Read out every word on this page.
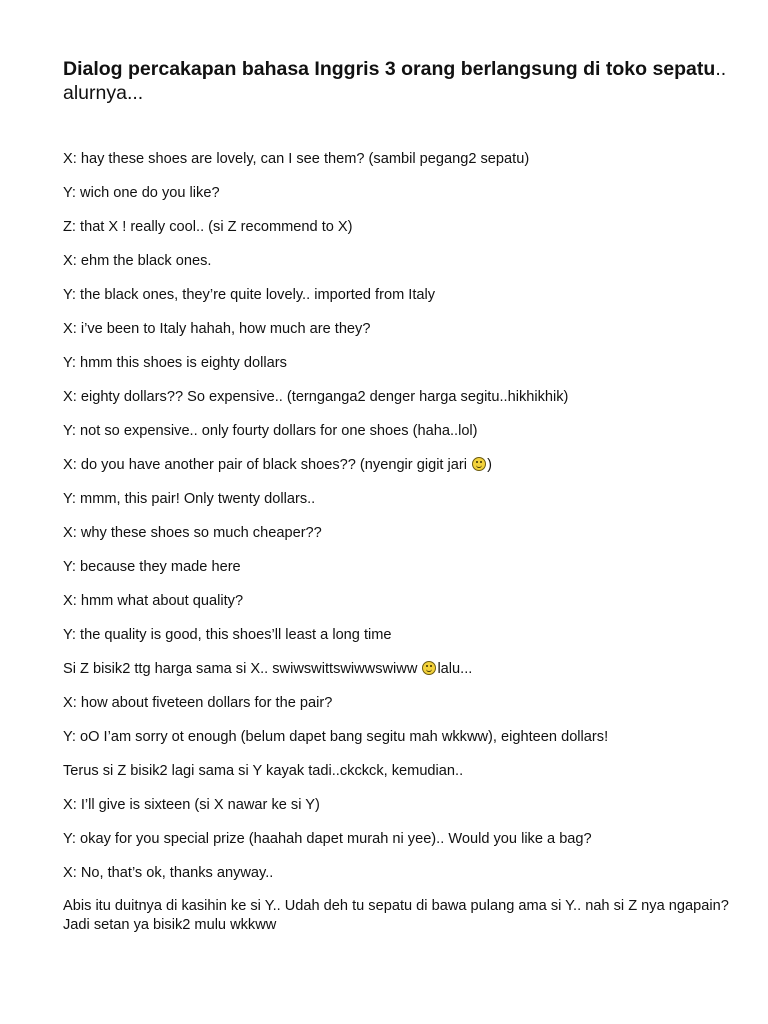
Dialog percakapan bahasa Inggris 3 orang berlangsung di toko sepatu..
alurnya...
X: hay these shoes are lovely, can I see them? (sambil pegang2 sepatu)
Y: wich one do you like?
Z: that X ! really cool.. (si Z recommend to X)
X: ehm the black ones.
Y: the black ones, they’re quite lovely.. imported from Italy
X: i’ve been to Italy hahah, how much are they?
Y: hmm this shoes is eighty dollars
X: eighty dollars?? So expensive.. (ternganga2 denger harga segitu..hikhikhik)
Y: not so expensive.. only fourty dollars for one shoes (haha..lol)
X: do you have another pair of black shoes?? (nyengir gigit jari )
Y: mmm, this pair! Only twenty dollars..
X: why these shoes so much cheaper??
Y: because they made here
X: hmm what about quality?
Y: the quality is good, this shoes’ll least a long time
Si Z bisik2 ttg harga sama si X.. swiwswittswiwwswiww lalu...
X: how about fiveteen dollars for the pair?
Y: oO I’am sorry ot enough (belum dapet bang segitu mah wkkww), eighteen dollars!
Terus si Z bisik2 lagi sama si Y kayak tadi..ckckck, kemudian..
X: I’ll give is sixteen (si X nawar ke si Y)
Y: okay for you special prize (haahah dapet murah ni yee).. Would you like a bag?
X: No, that’s ok, thanks anyway..
Abis itu duitnya di kasihin ke si Y.. Udah deh tu sepatu di bawa pulang ama si Y.. nah si Z nya ngapain? Jadi setan ya bisik2 mulu wkkww
